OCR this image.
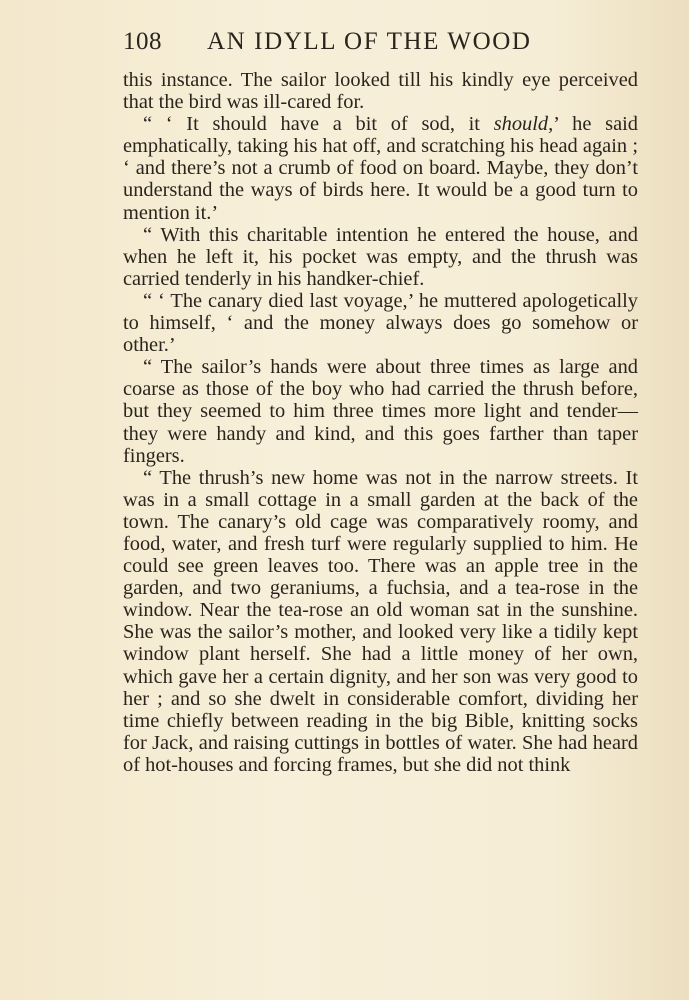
108 AN IDYLL OF THE WOOD

this instance. The sailor looked till his kindly eye perceived that the bird was ill-cared for.

“ ‘ It should have a bit of sod, it should,’ he said emphatically, taking his hat off, and scratching his head again ; ‘ and there’s not a crumb of food on board. Maybe, they don’t understand the ways of birds here. It would be a good turn to mention it.’

“ With this charitable intention he entered the house, and when he left it, his pocket was empty, and the thrush was carried tenderly in his handker-chief.

“ ‘ The canary died last voyage,’ he muttered apologetically to himself, ‘ and the money always does go somehow or other.’

“ The sailor’s hands were about three times as large and coarse as those of the boy who had carried the thrush before, but they seemed to him three times more light and tender—they were handy and kind, and this goes farther than taper fingers.

“ The thrush’s new home was not in the narrow streets. It was in a small cottage in a small garden at the back of the town. The canary’s old cage was comparatively roomy, and food, water, and fresh turf were regularly supplied to him. He could see green leaves too. There was an apple tree in the garden, and two geraniums, a fuchsia, and a tea-rose in the window. Near the tea-rose an old woman sat in the sunshine. She was the sailor’s mother, and looked very like a tidily kept window plant herself. She had a little money of her own, which gave her a certain dignity, and her son was very good to her ; and so she dwelt in considerable comfort, dividing her time chiefly between reading in the big Bible, knitting socks for Jack, and raising cuttings in bottles of water. She had heard of hot-houses and forcing frames, but she did not think
